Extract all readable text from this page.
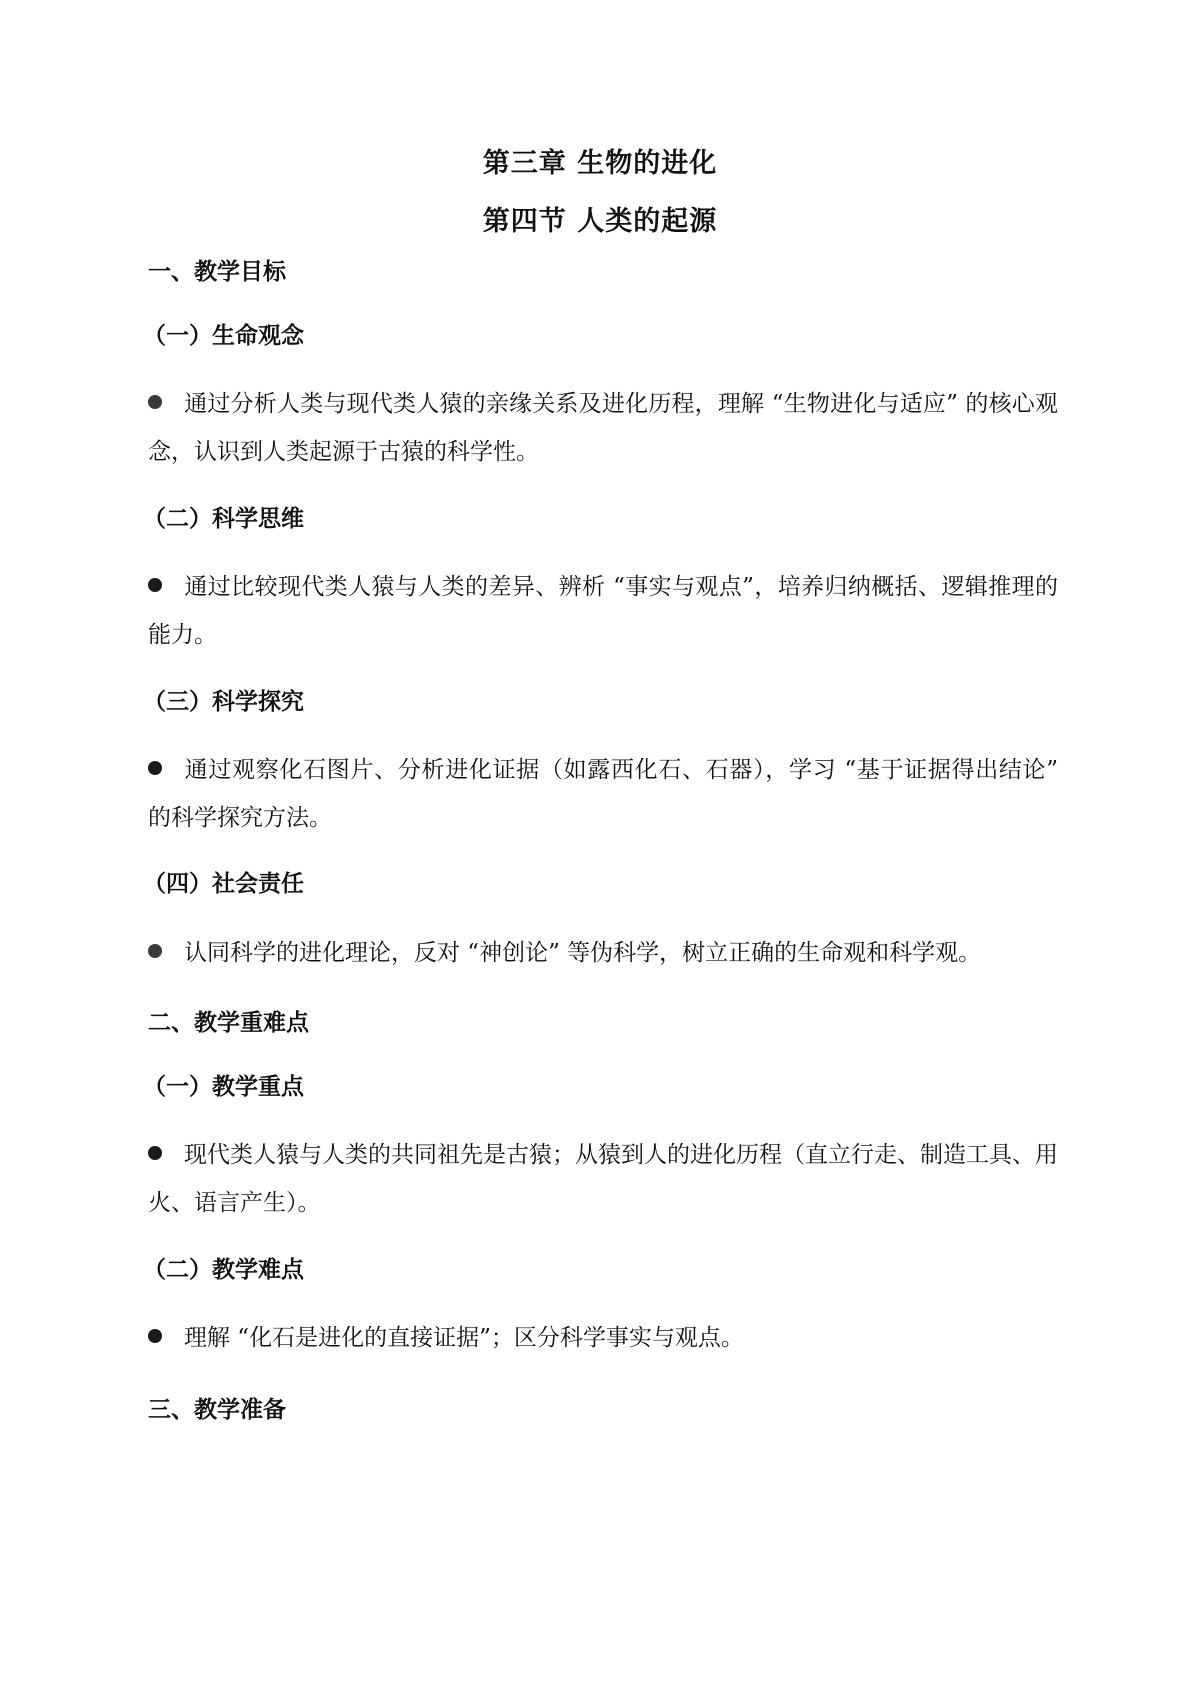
第三章 生物的进化
第四节 人类的起源
一、教学目标
（一）生命观念
通过分析人类与现代类人猿的亲缘关系及进化历程，理解 “生物进化与适应” 的核心观念，认识到人类起源于古猿的科学性。
（二）科学思维
通过比较现代类人猿与人类的差异、辨析 “事实与观点”，培养归纳概括、逻辑推理的能力。
（三）科学探究
通过观察化石图片、分析进化证据（如露西化石、石器），学习 “基于证据得出结论” 的科学探究方法。
（四）社会责任
认同科学的进化理论，反对 “神创论” 等伪科学，树立正确的生命观和科学观。
二、教学重难点
（一）教学重点
现代类人猿与人类的共同祖先是古猿；从猿到人的进化历程（直立行走、制造工具、用火、语言产生）。
（二）教学难点
理解 “化石是进化的直接证据”；区分科学事实与观点。
三、教学准备
